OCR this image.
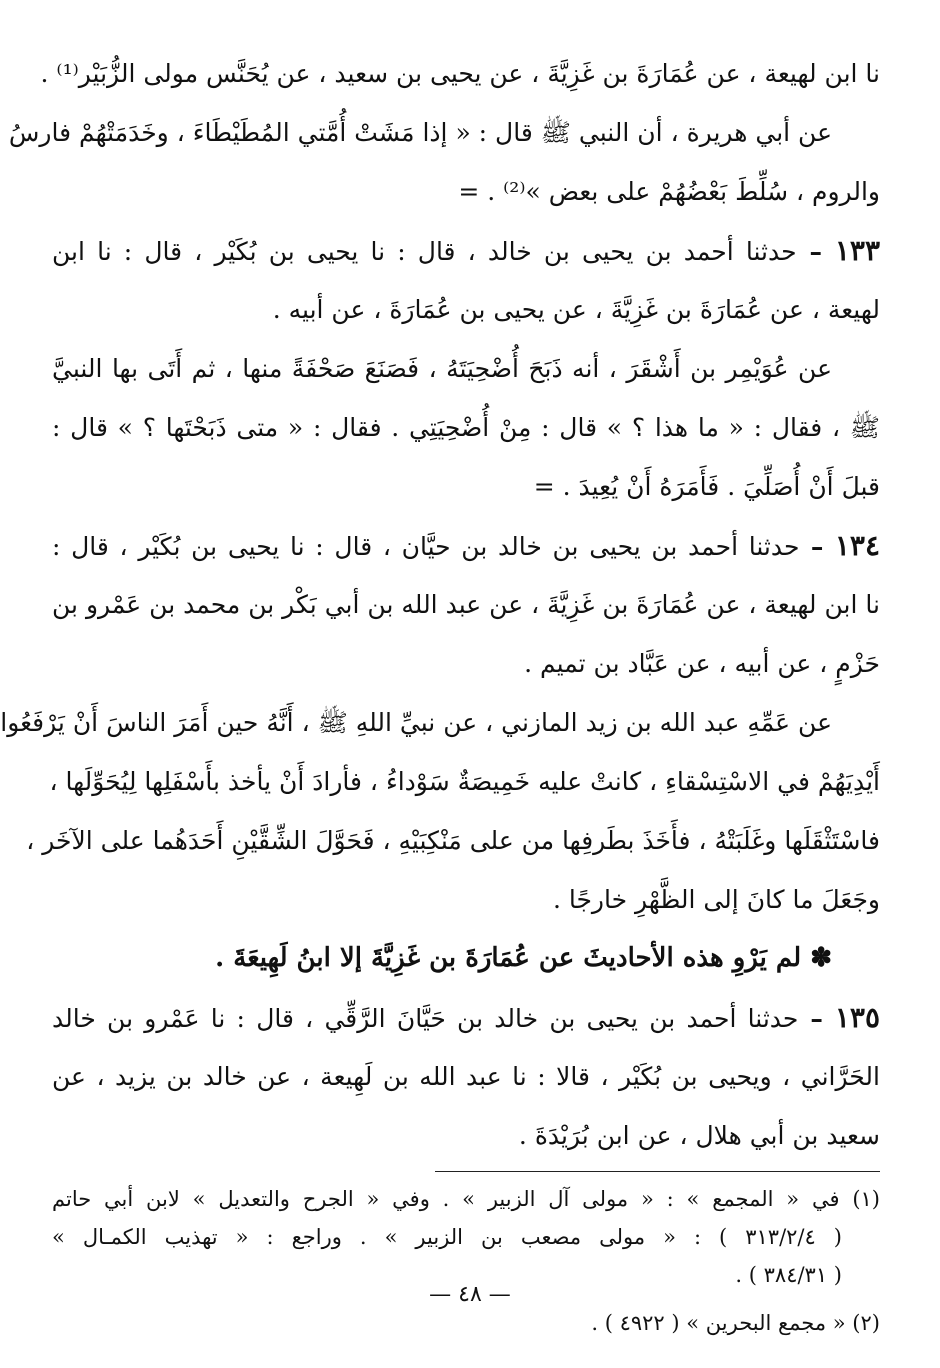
نا ابن لهيعة ، عن عُمَارَةَ بن غَزِيَّةَ ، عن يحيى بن سعيد ، عن يُحَنَّس مولى الزُّبَيْر⁽¹⁾ .
عن أبي هريرة ، أن النبي ﷺ قال : « إذا مَشَتْ أُمَّتي المُطَيْطَاءَ ، وخَدَمَتْهُمْ فارسُ
والروم ، سُلِّطَ بَعْضُهُمْ على بعض »⁽²⁾ . =
١٣٣ – حدثنا أحمد بن يحيى بن خالد ، قال : نا يحيى بن بُكَيْر ، قال : نا ابن
لهيعة ، عن عُمَارَةَ بن غَزِيَّةَ ، عن يحيى بن عُمَارَةَ ، عن أبيه .
عن عُوَيْمِر بن أَشْقَرَ ، أنه ذَبَحَ أُضْحِيَتَهُ ، فَصَنَعَ صَحْفَةً منها ، ثم أَتَى بها النبيَّ
ﷺ ، فقال : « ما هذا ؟ » قال : مِنْ أُضْحِيَتِي . فقال : « متى ذَبَحْتَها ؟ » قال :
قبلَ أَنْ أُصَلِّيَ . فَأَمَرَهُ أَنْ يُعِيدَ . =
١٣٤ – حدثنا أحمد بن يحيى بن خالد بن حيَّان ، قال : نا يحيى بن بُكَيْر ، قال :
نا ابن لهيعة ، عن عُمَارَةَ بن غَزِيَّةَ ، عن عبد الله بن أبي بَكْر بن محمد بن عَمْرو بن
حَزْمٍ ، عن أبيه ، عن عَبَّاد بن تميم .
عن عَمِّهِ عبد الله بن زيد المازني ، عن نبيِّ اللهِ ﷺ ، أَنَّهُ حين أَمَرَ الناسَ أَنْ يَرْفَعُوا
أَيْدِيَهُمْ في الاسْتِسْقاءِ ، كانتْ عليه خَمِيصَةٌ سَوْداءُ ، فأرادَ أَنْ يأخذ بأَسْفَلِها لِيُحَوِّلَها ،
فاسْتَثْقَلَها وغَلَبَتْهُ ، فأَخَذَ بطَرفِها من على مَنْكِبَيْهِ ، فَحَوَّلَ الشِّقَّيْنِ أَحَدَهُما على الآخَر ،
وجَعَلَ ما كانَ إلى الظَّهْرِ خارجًا .
✽ لم يَرْوِ هذه الأحاديثَ عن عُمَارَةَ بن غَزِيَّةَ إلا ابنُ لَهِيعَةَ .
١٣٥ – حدثنا أحمد بن يحيى بن خالد بن حَيَّانَ الرَّقِّي ، قال : نا عَمْرو بن خالد
الحَرَّاني ، ويحيى بن بُكَيْر ، قالا : نا عبد الله بن لَهِيعة ، عن خالد بن يزيد ، عن
سعيد بن أبي هلال ، عن ابن بُرَيْدَةَ .
(١) في « المجمع » : « مولى آل الزبير » . وفي « الجرح والتعديل » لابن أبي حاتم
( ٣١٣/٢/٤ ) : « مولى مصعب بن الزبير » . وراجع : « تهذيب الكمـال »
( ٣٨٤/٣١ ) .
(٢) « مجمع البحرين » ( ٤٩٢٢ ) .
— ٤٨ —
